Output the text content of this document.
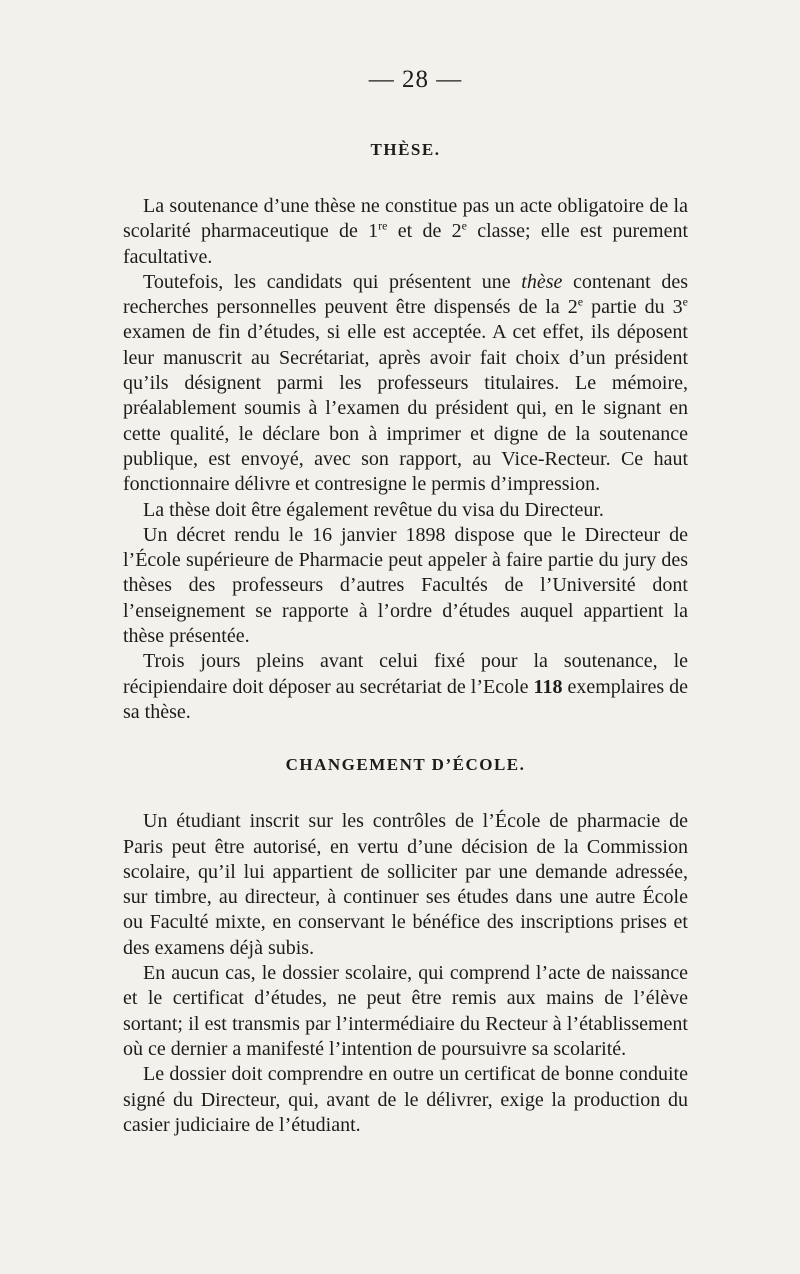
— 28 —
THÈSE.

La soutenance d’une thèse ne constitue pas un acte obligatoire de la scolarité pharmaceutique de 1re et de 2e classe; elle est purement facultative.

Toutefois, les candidats qui présentent une thèse contenant des recherches personnelles peuvent être dispensés de la 2e partie du 3e examen de fin d’études, si elle est acceptée. A cet effet, ils déposent leur manuscrit au Secrétariat, après avoir fait choix d’un président qu’ils désignent parmi les professeurs titulaires. Le mémoire, préalablement soumis à l’examen du président qui, en le signant en cette qualité, le déclare bon à imprimer et digne de la soutenance publique, est envoyé, avec son rapport, au Vice-Recteur. Ce haut fonctionnaire délivre et contresigne le permis d’impression.

La thèse doit être également revêtue du visa du Directeur.

Un décret rendu le 16 janvier 1898 dispose que le Directeur de l’École supérieure de Pharmacie peut appeler à faire partie du jury des thèses des professeurs d’autres Facultés de l’Université dont l’enseignement se rapporte à l’ordre d’études auquel appartient la thèse présentée.

Trois jours pleins avant celui fixé pour la soutenance, le récipiendaire doit déposer au secrétariat de l’Ecole 118 exemplaires de sa thèse.

CHANGEMENT D’ÉCOLE.

Un étudiant inscrit sur les contrôles de l’École de pharmacie de Paris peut être autorisé, en vertu d’une décision de la Commission scolaire, qu’il lui appartient de solliciter par une demande adressée, sur timbre, au directeur, à continuer ses études dans une autre École ou Faculté mixte, en conservant le bénéfice des inscriptions prises et des examens déjà subis.

En aucun cas, le dossier scolaire, qui comprend l’acte de naissance et le certificat d’études, ne peut être remis aux mains de l’élève sortant; il est transmis par l’intermédiaire du Recteur à l’établissement où ce dernier a manifesté l’intention de poursuivre sa scolarité.

Le dossier doit comprendre en outre un certificat de bonne conduite signé du Directeur, qui, avant de le délivrer, exige la production du casier judiciaire de l’étudiant.
